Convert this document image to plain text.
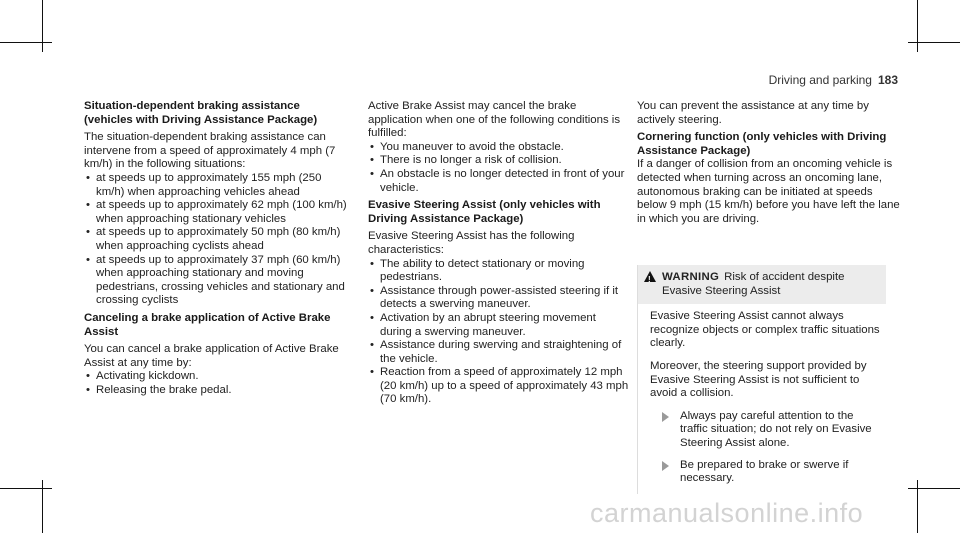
Driving and parking 183
Situation-dependent braking assistance
(vehicles with Driving Assistance Package)

The situation-dependent braking assistance can intervene from a speed of approximately 4 mph (7 km/h) in the following situations:

• at speeds up to approximately 155 mph (250 km/h) when approaching vehicles ahead
• at speeds up to approximately 62 mph (100 km/h) when approaching stationary vehicles
• at speeds up to approximately 50 mph (80 km/h) when approaching cyclists ahead
• at speeds up to approximately 37 mph (60 km/h) when approaching stationary and moving pedestrians, crossing vehicles and stationary and crossing cyclists
Canceling a brake application of Active Brake Assist

You can cancel a brake application of Active Brake Assist at any time by:

• Activating kickdown.
• Releasing the brake pedal.

Active Brake Assist may cancel the brake application when one of the following conditions is fulfilled:

• You maneuver to avoid the obstacle.
• There is no longer a risk of collision.
• An obstacle is no longer detected in front of your vehicle.
Evasive Steering Assist (only vehicles with Driving Assistance Package)

Evasive Steering Assist has the following characteristics:

• The ability to detect stationary or moving pedestrians.
• Assistance through power-assisted steering if it detects a swerving maneuver.
• Activation by an abrupt steering movement during a swerving maneuver.
• Assistance during swerving and straightening of the vehicle.
• Reaction from a speed of approximately 12 mph (20 km/h) up to a speed of approximately 43 mph (70 km/h).

You can prevent the assistance at any time by actively steering.

Cornering function (only vehicles with Driving Assistance Package)

If a danger of collision from an oncoming vehicle is detected when turning across an oncoming lane, autonomous braking can be initiated at speeds below 9 mph (15 km/h) before you have left the lane in which you are driving.

!
WARNING Risk of accident despite Evasive Steering Assist

Evasive Steering Assist cannot always recognize objects or complex traffic situations clearly.

Moreover, the steering support provided by Evasive Steering Assist is not sufficient to avoid a collision.

Always pay careful attention to the traffic situation; do not rely on Evasive Steering Assist alone.
Be prepared to brake or swerve if necessary.
carmanualsonline.info
